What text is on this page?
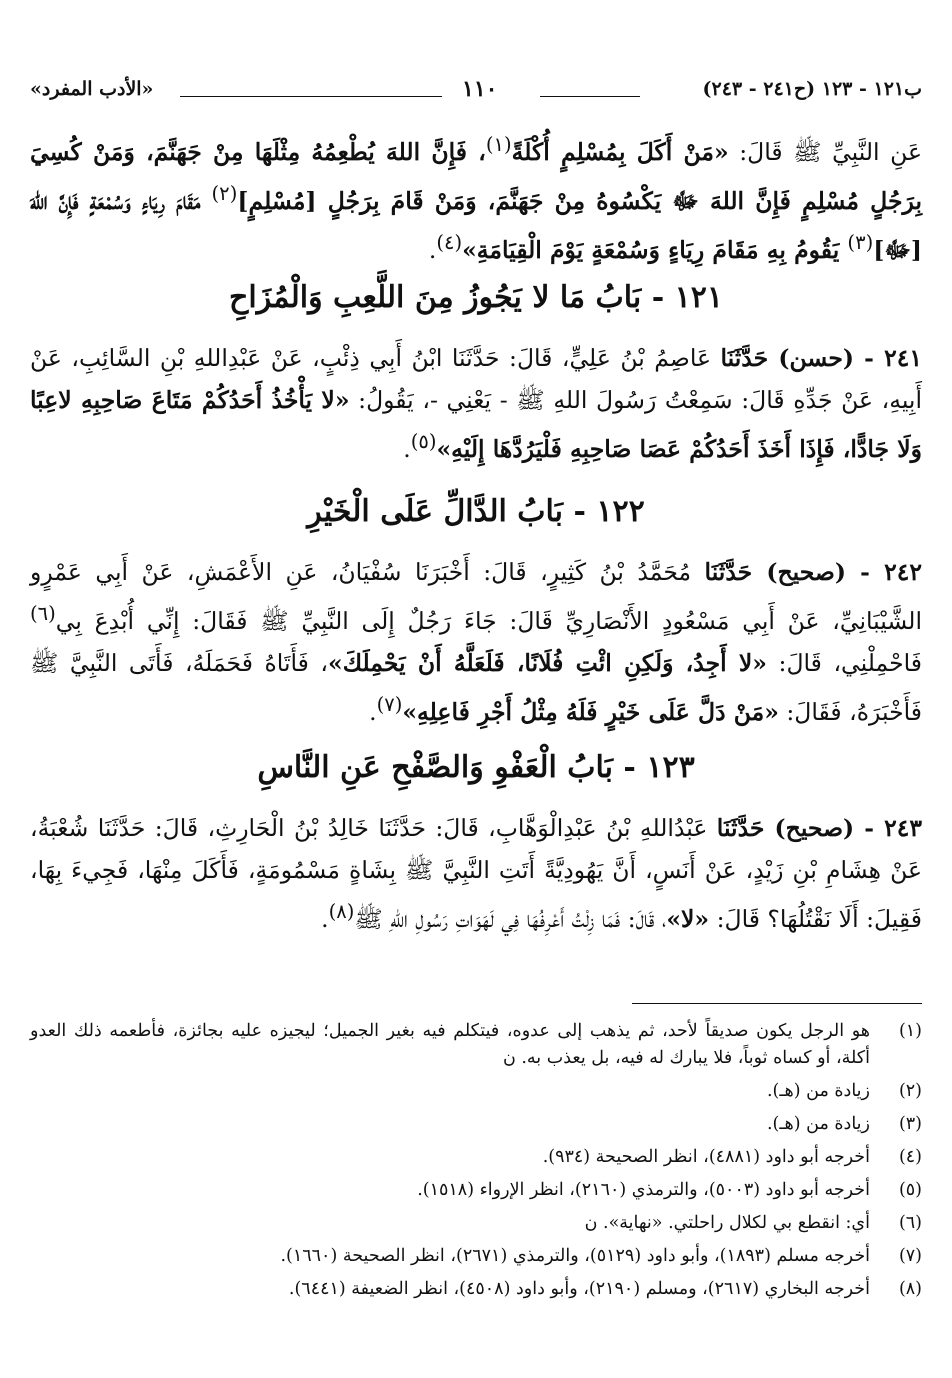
«الأدب المفرد»	١١٠	ب١٢١ - ١٢٣ (ح٢٤١ - ٢٤٣)
عَنِ النَّبِيِّ ﷺ قَالَ: «مَنْ أَكَلَ بِمُسْلِمٍ أُكْلَةً$^{(١)}$، فَإِنَّ اللهَ يُطْعِمُهُ مِثْلَهَا مِنْ جَهَنَّمَ، وَمَنْ كُسِيَ بِرَجُلٍ مُسْلِمٍ فَإِنَّ اللهَ ﷻ يَكْسُوهُ مِنْ جَهَنَّمَ، وَمَنْ قَامَ بِرَجُلٍ [مُسْلِمٍ]$^{(٢)}$ مَقَامَ رِيَاءٍ وَسُمْعَةٍ فَإِنَّ اللهَ [ﷻ]$^{(٣)}$ يَقُومُ بِهِ مَقَامَ رِيَاءٍ وَسُمْعَةٍ يَوْمَ الْقِيَامَةِ»$^{(٤)}$.
١٢١ - بَابُ مَا لا يَجُوزُ مِنَ اللَّعِبِ وَالْمُزَاحِ
٢٤١ - (حسن) حَدَّثَنَا عَاصِمُ بْنُ عَلِيٍّ، قَالَ: حَدَّثَنَا ابْنُ أَبِي ذِئْبٍ، عَنْ عَبْدِاللهِ بْنِ السَّائِبِ، عَنْ أَبِيهِ، عَنْ جَدِّهِ قَالَ: سَمِعْتُ رَسُولَ اللهِ ﷺ - يَعْنِي -، يَقُولُ: «لا يَأْخُذُ أَحَدُكُمْ مَتَاعَ صَاحِبِهِ لاعِبًا وَلَا جَادًّا، فَإِذَا أَخَذَ أَحَدُكُمْ عَصَا صَاحِبِهِ فَلْيَرُدَّهَا إِلَيْهِ»$^{(٥)}$.
١٢٢ - بَابُ الدَّالِّ عَلَى الْخَيْرِ
٢٤٢ - (صحيح) حَدَّثَنَا مُحَمَّدُ بْنُ كَثِيرٍ، قَالَ: أَخْبَرَنَا سُفْيَانُ، عَنِ الأَعْمَشِ، عَنْ أَبِي عَمْرٍو الشَّيْبَانِيِّ، عَنْ أَبِي مَسْعُودٍ الأَنْصَارِيِّ قَالَ: جَاءَ رَجُلٌ إِلَى النَّبِيِّ ﷺ فَقَالَ: إِنِّي أُبْدِعَ بِي$^{(٦)}$ فَاحْمِلْنِي، قَالَ: «لا أَجِدُ، وَلَكِنِ ائْتِ فُلَانًا، فَلَعَلَّهُ أَنْ يَحْمِلَكَ»، فَأَتَاهُ فَحَمَلَهُ، فَأَتَى النَّبِيَّ ﷺ فَأَخْبَرَهُ، فَقَالَ: «مَنْ دَلَّ عَلَى خَيْرٍ فَلَهُ مِثْلُ أَجْرِ فَاعِلِهِ»$^{(٧)}$.
١٢٣ - بَابُ الْعَفْوِ وَالصَّفْحِ عَنِ النَّاسِ
٢٤٣ - (صحيح) حَدَّثَنَا عَبْدُاللهِ بْنُ عَبْدِالْوَهَّابِ، قَالَ: حَدَّثَنَا خَالِدُ بْنُ الْحَارِثِ، قَالَ: حَدَّثَنَا شُعْبَةُ، عَنْ هِشَامِ بْنِ زَيْدٍ، عَنْ أَنَسٍ، أَنَّ يَهُودِيَّةً أَتَتِ النَّبِيَّ ﷺ بِشَاةٍ مَسْمُومَةٍ، فَأَكَلَ مِنْهَا، فَجِيءَ بِهَا، فَقِيلَ: أَلَا نَقْتُلُهَا؟ قَالَ: «لا»، قَالَ: فَمَا زِلْتُ أَعْرِفُهَا فِي لَهَوَاتِ رَسُولِ اللهِ ﷺ$^{(٨)}$.
(١)
هو الرجل يكون صديقاً لأحد، ثم يذهب إلى عدوه، فيتكلم فيه بغير الجميل؛ ليجيزه عليه بجائزة، فأطعمه ذلك العدو أكلة، أو كساه ثوباً، فلا يبارك له فيه، بل يعذب به. ن
(٢)
زيادة من (هـ).
(٣)
زيادة من (هـ).
(٤)
أخرجه أبو داود (٤٨٨١)، انظر الصحيحة (٩٣٤).
(٥)
أخرجه أبو داود (٥٠٠٣)، والترمذي (٢١٦٠)، انظر الإرواء (١٥١٨).
(٦)
أي: انقطع بي لكلال راحلتي. «نهاية». ن
(٧)
أخرجه مسلم (١٨٩٣)، وأبو داود (٥١٢٩)، والترمذي (٢٦٧١)، انظر الصحيحة (١٦٦٠).
(٨)
أخرجه البخاري (٢٦١٧)، ومسلم (٢١٩٠)، وأبو داود (٤٥٠٨)، انظر الضعيفة (٦٤٤١).
